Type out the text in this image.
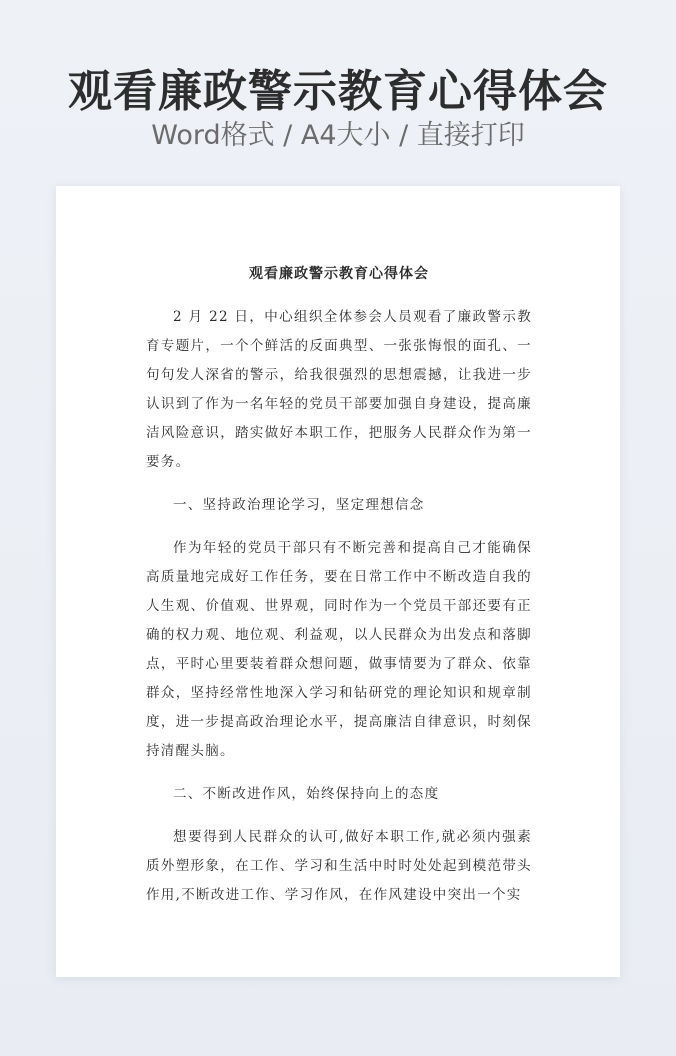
观看廉政警示教育心得体会
Word格式 / A4大小 / 直接打印
观看廉政警示教育心得体会

2 月 22 日，中心组织全体参会人员观看了廉政警示教育专题片，一个个鲜活的反面典型、一张张悔恨的面孔、一句句发人深省的警示，给我很强烈的思想震撼，让我进一步认识到了作为一名年轻的党员干部要加强自身建设，提高廉洁风险意识，踏实做好本职工作，把服务人民群众作为第一要务。

一、坚持政治理论学习，坚定理想信念

作为年轻的党员干部只有不断完善和提高自己才能确保高质量地完成好工作任务，要在日常工作中不断改造自我的人生观、价值观、世界观，同时作为一个党员干部还要有正确的权力观、地位观、利益观，以人民群众为出发点和落脚点，平时心里要装着群众想问题，做事情要为了群众、依靠群众，坚持经常性地深入学习和钻研党的理论知识和规章制度，进一步提高政治理论水平，提高廉洁自律意识，时刻保持清醒头脑。

二、不断改进作风，始终保持向上的态度

想要得到人民群众的认可,做好本职工作,就必须内强素质外塑形象，在工作、学习和生活中时时处处起到模范带头作用,不断改进工作、学习作风，在作风建设中突出一个实
